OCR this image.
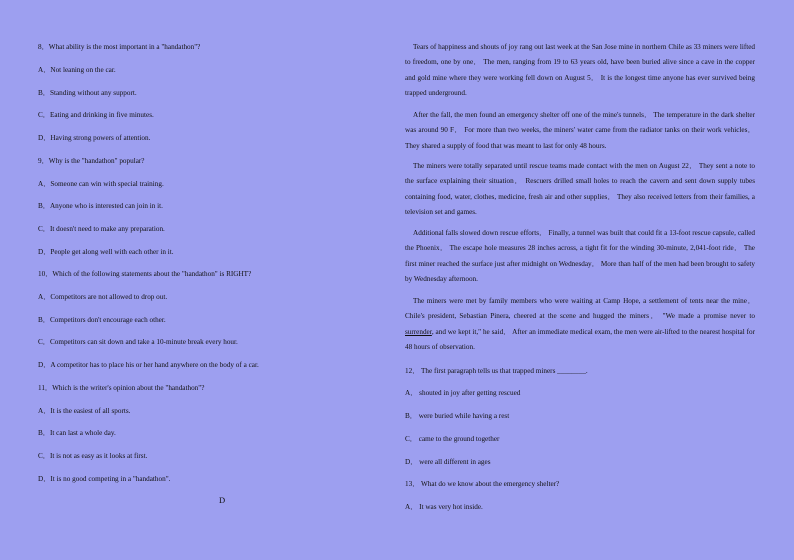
8．What ability is the most important in a "handathon"?
A．Not leaning on the car.
B．Standing without any support.
C．Eating and drinking in five minutes.
D．Having strong powers of attention.
9．Why is the "handathon" popular?
A．Someone can win with special training.
B．Anyone who is interested can join in it.
C．It doesn't need to make any preparation.
D．People get along well with each other in it.
10．Which of the following statements about the "handathon" is RIGHT?
A．Competitors are not allowed to drop out.
B．Competitors don't encourage each other.
C．Competitors can sit down and take a 10-minute break every hour.
D．A competitor has to place his or her hand anywhere on the body of a car.
11．Which is the writer's opinion about the "handathon"?
A．It is the easiest of all sports.
B．It can last a whole day.
C．It is not as easy as it looks at first.
D．It is no good competing in a "handathon".
D
Tears of happiness and shouts of joy rang out last week at the San Jose mine in northern Chile as 33 miners were lifted to freedom, one by one． The men, ranging from 19 to 63 years old, have been buried alive since a cave in the copper and gold mine where they were working fell down on August 5． It is the longest time anyone has ever survived being trapped underground.
After the fall, the men found an emergency shelter off one of the mine's tunnels． The temperature in the dark shelter was around 90 F． For more than two weeks, the miners' water came from the radiator tanks on their work vehicles． They shared a supply of food that was meant to last for only 48 hours.
The miners were totally separated until rescue teams made contact with the men on August 22． They sent a note to the surface explaining their situation． Rescuers drilled small holes to reach the cavern and sent down supply tubes containing food, water, clothes, medicine, fresh air and other supplies． They also received letters from their families, a television set and games.
Additional falls slowed down rescue efforts． Finally, a tunnel was built that could fit a 13-foot rescue capsule, called the Phoenix． The escape hole measures 28 inches across, a tight fit for the winding 30-minute, 2,041-foot ride． The first miner reached the surface just after midnight on Wednesday． More than half of the men had been brought to safety by Wednesday afternoon.
The miners were met by family members who were waiting at Camp Hope, a settlement of tents near the mine． Chile's president, Sebastian Pinera, cheered at the scene and hugged the miners． "We made a promise never to surrender, and we kept it," he said． After an immediate medical exam, the men were air-lifted to the nearest hospital for 48 hours of observation.
12． The first paragraph tells us that trapped miners ________.
A． shouted in joy after getting rescued
B． were buried while having a rest
C． came to the ground together
D． were all different in ages
13． What do we know about the emergency shelter?
A． It was very hot inside.
